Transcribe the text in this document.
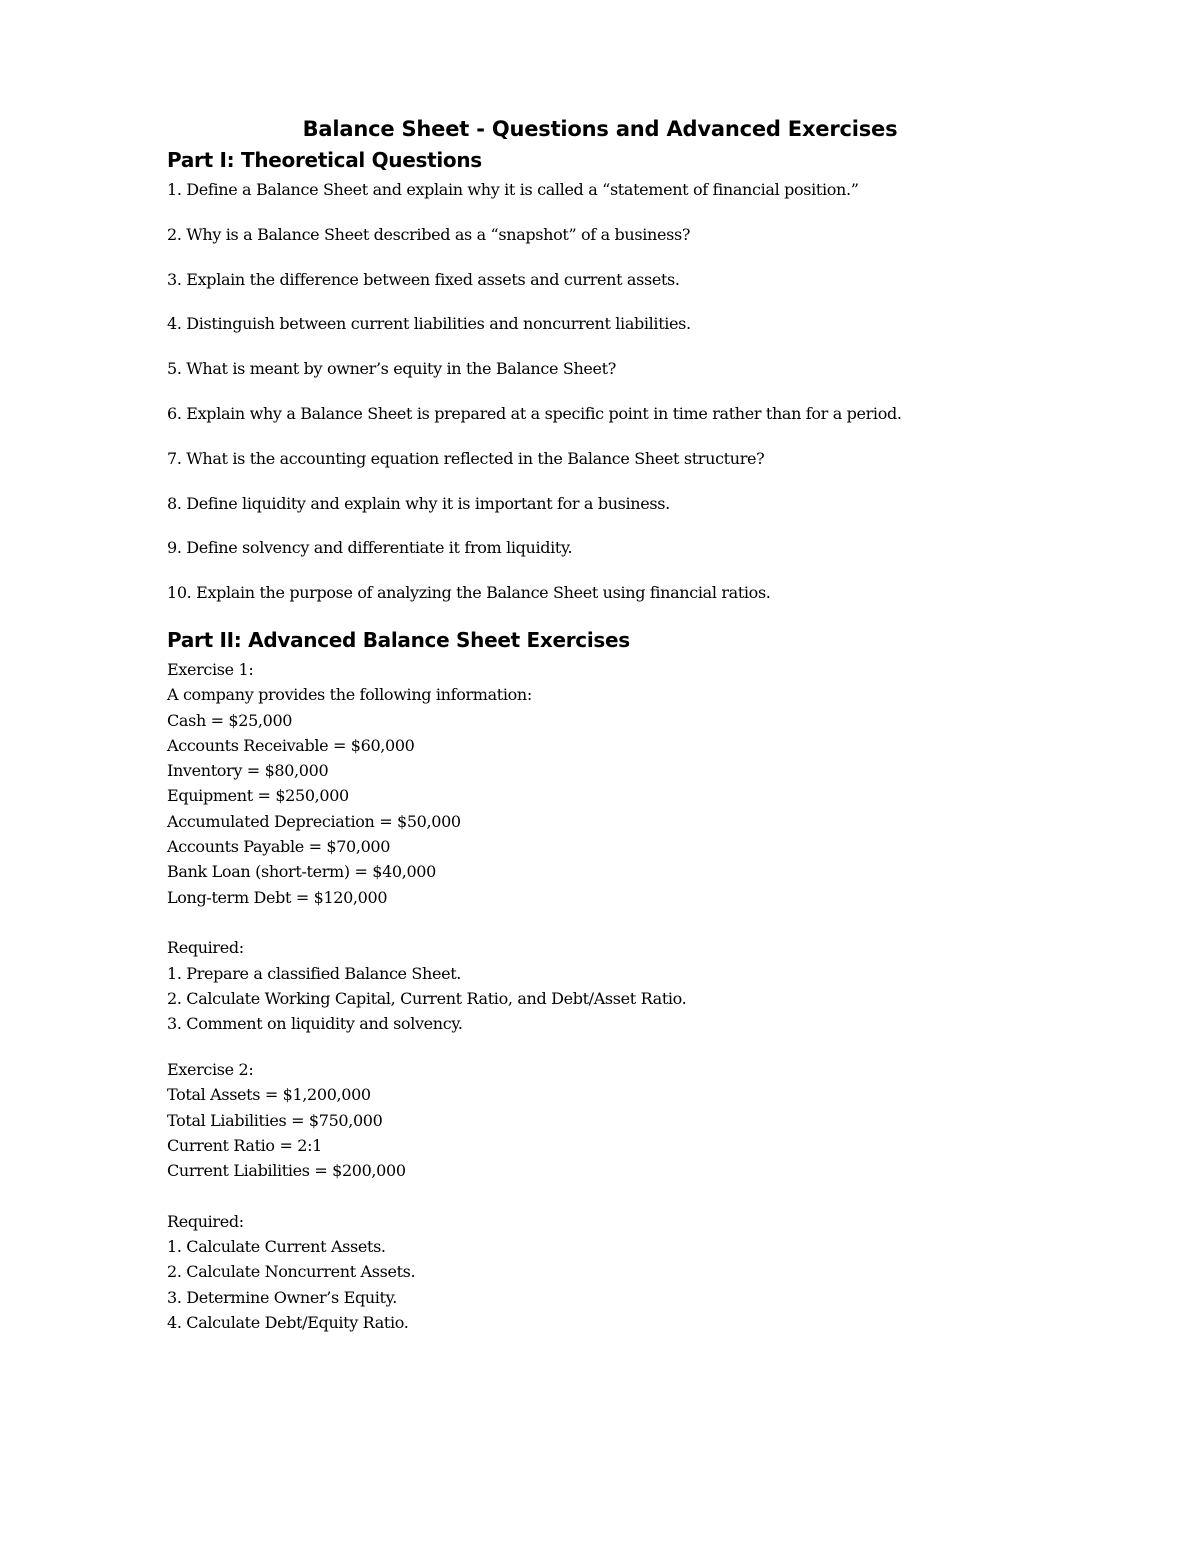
Balance Sheet - Questions and Advanced Exercises
Part I: Theoretical Questions

1. Define a Balance Sheet and explain why it is called a “statement of financial position.”

2. Why is a Balance Sheet described as a “snapshot” of a business?

3. Explain the difference between fixed assets and current assets.

4. Distinguish between current liabilities and noncurrent liabilities.

5. What is meant by owner’s equity in the Balance Sheet?

6. Explain why a Balance Sheet is prepared at a specific point in time rather than for a period.

7. What is the accounting equation reflected in the Balance Sheet structure?

8. Define liquidity and explain why it is important for a business.

9. Define solvency and differentiate it from liquidity.

10. Explain the purpose of analyzing the Balance Sheet using financial ratios.

Part II: Advanced Balance Sheet Exercises
Exercise 1:
A company provides the following information:
Cash = $25,000
Accounts Receivable = $60,000
Inventory = $80,000
Equipment = $250,000
Accumulated Depreciation = $50,000
Accounts Payable = $70,000
Bank Loan (short-term) = $40,000
Long-term Debt = $120,000
Required:
1. Prepare a classified Balance Sheet.
2. Calculate Working Capital, Current Ratio, and Debt/Asset Ratio.
3. Comment on liquidity and solvency.
Exercise 2:
Total Assets = $1,200,000
Total Liabilities = $750,000
Current Ratio = 2:1
Current Liabilities = $200,000
Required:
1. Calculate Current Assets.
2. Calculate Noncurrent Assets.
3. Determine Owner’s Equity.
4. Calculate Debt/Equity Ratio.
